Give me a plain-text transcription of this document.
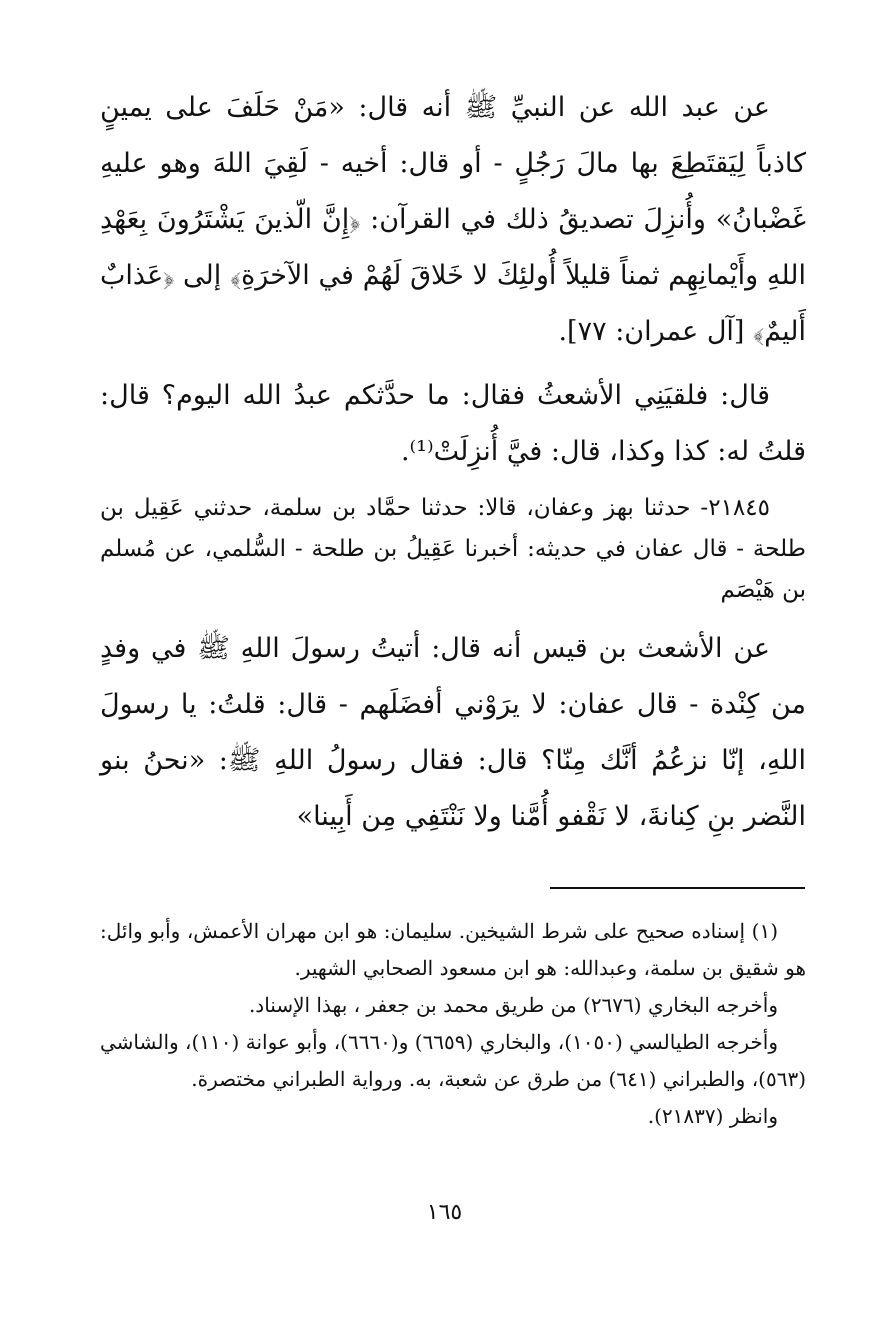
عن عبد الله عن النبيِّ ﷺ أنه قال: «مَنْ حَلَفَ على يمينٍ كاذباً لِيَقتَطِعَ بها مالَ رَجُلٍ - أو قال: أخيه - لَقِيَ اللهَ وهو عليهِ غَضْبانُ» وأُنزِلَ تصديقُ ذلك في القرآن: ﴿إِنَّ الّذينَ يَشْتَرُونَ بِعَهْدِ اللهِ وأَيْمانِهِم ثمناً قليلاً أُولئِكَ لا خَلاقَ لَهُمْ في الآخرَةِ﴾ إلى ﴿عَذابٌ أَليمٌ﴾ [آل عمران: ٧٧].

قال: فلقيَنِي الأشعثُ فقال: ما حدَّثكم عبدُ الله اليوم؟ قال: قلتُ له: كذا وكذا، قال: فيَّ أُنزِلَتْ⁽¹⁾.

٢١٨٤٥- حدثنا بهز وعفان، قالا: حدثنا حمَّاد بن سلمة، حدثني عَقِيل بن طلحة - قال عفان في حديثه: أخبرنا عَقِيلُ بن طلحة - السُّلمي، عن مُسلم بن هَيْصَم

عن الأشعث بن قيس أنه قال: أتيتُ رسولَ اللهِ ﷺ في وفدٍ من كِنْدة - قال عفان: لا يرَوْني أفضَلَهم - قال: قلتُ: يا رسولَ اللهِ، إنّا نزعُمُ أنَّك مِنّا؟ قال: فقال رسولُ اللهِ ﷺ: «نحنُ بنو النَّضر بنِ كِنانةَ، لا نَقْفو أُمَّنا ولا نَنْتَفِي مِن أَبِينا»

(١) إسناده صحيح على شرط الشيخين. سليمان: هو ابن مهران الأعمش، وأبو وائل: هو شقيق بن سلمة، وعبدالله: هو ابن مسعود الصحابي الشهير.

وأخرجه البخاري (٢٦٧٦) من طريق محمد بن جعفر ، بهذا الإسناد.

وأخرجه الطيالسي (١٠٥٠)، والبخاري (٦٦٥٩) و(٦٦٦٠)، وأبو عوانة (١١٠)، والشاشي (٥٦٣)، والطبراني (٦٤١) من طرق عن شعبة، به. ورواية الطبراني مختصرة.

وانظر (٢١٨٣٧).

١٦٥
